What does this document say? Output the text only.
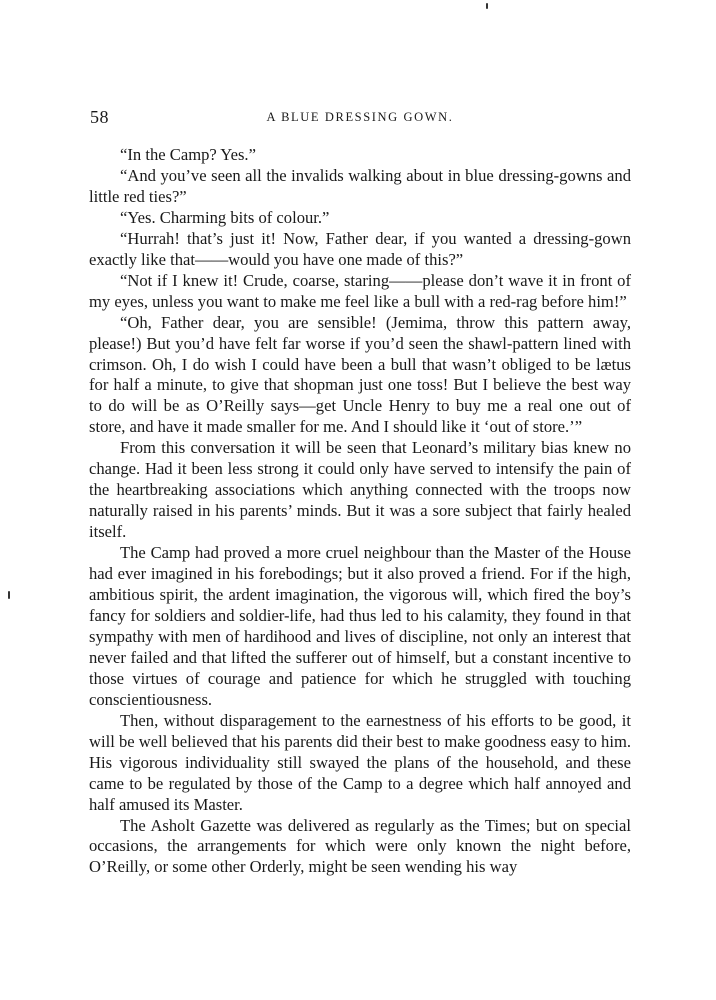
58	A BLUE DRESSING GOWN.

“In the Camp? Yes.”

“And you’ve seen all the invalids walking about in blue dressing-gowns and little red ties?”

“Yes. Charming bits of colour.”

“Hurrah! that’s just it! Now, Father dear, if you wanted a dressing-gown exactly like that——would you have one made of this?”

“Not if I knew it! Crude, coarse, staring——please don’t wave it in front of my eyes, unless you want to make me feel like a bull with a red-rag before him!”

“Oh, Father dear, you are sensible! (Jemima, throw this pattern away, please!) But you’d have felt far worse if you’d seen the shawl-pattern lined with crimson. Oh, I do wish I could have been a bull that wasn’t obliged to be lætus for half a minute, to give that shopman just one toss! But I believe the best way to do will be as O’Reilly says—get Uncle Henry to buy me a real one out of store, and have it made smaller for me. And I should like it ‘out of store.’”

From this conversation it will be seen that Leonard’s military bias knew no change. Had it been less strong it could only have served to intensify the pain of the heartbreaking associations which anything connected with the troops now naturally raised in his parents’ minds. But it was a sore subject that fairly healed itself.

The Camp had proved a more cruel neighbour than the Master of the House had ever imagined in his forebodings; but it also proved a friend. For if the high, ambitious spirit, the ardent imagination, the vigorous will, which fired the boy’s fancy for soldiers and soldier-life, had thus led to his calamity, they found in that sympathy with men of hardihood and lives of discipline, not only an interest that never failed and that lifted the sufferer out of himself, but a constant incentive to those virtues of courage and patience for which he struggled with touching conscientiousness.

Then, without disparagement to the earnestness of his efforts to be good, it will be well believed that his parents did their best to make goodness easy to him. His vigorous individuality still swayed the plans of the household, and these came to be regulated by those of the Camp to a degree which half annoyed and half amused its Master.

The Asholt Gazette was delivered as regularly as the Times; but on special occasions, the arrangements for which were only known the night before, O’Reilly, or some other Orderly, might be seen wending his way
